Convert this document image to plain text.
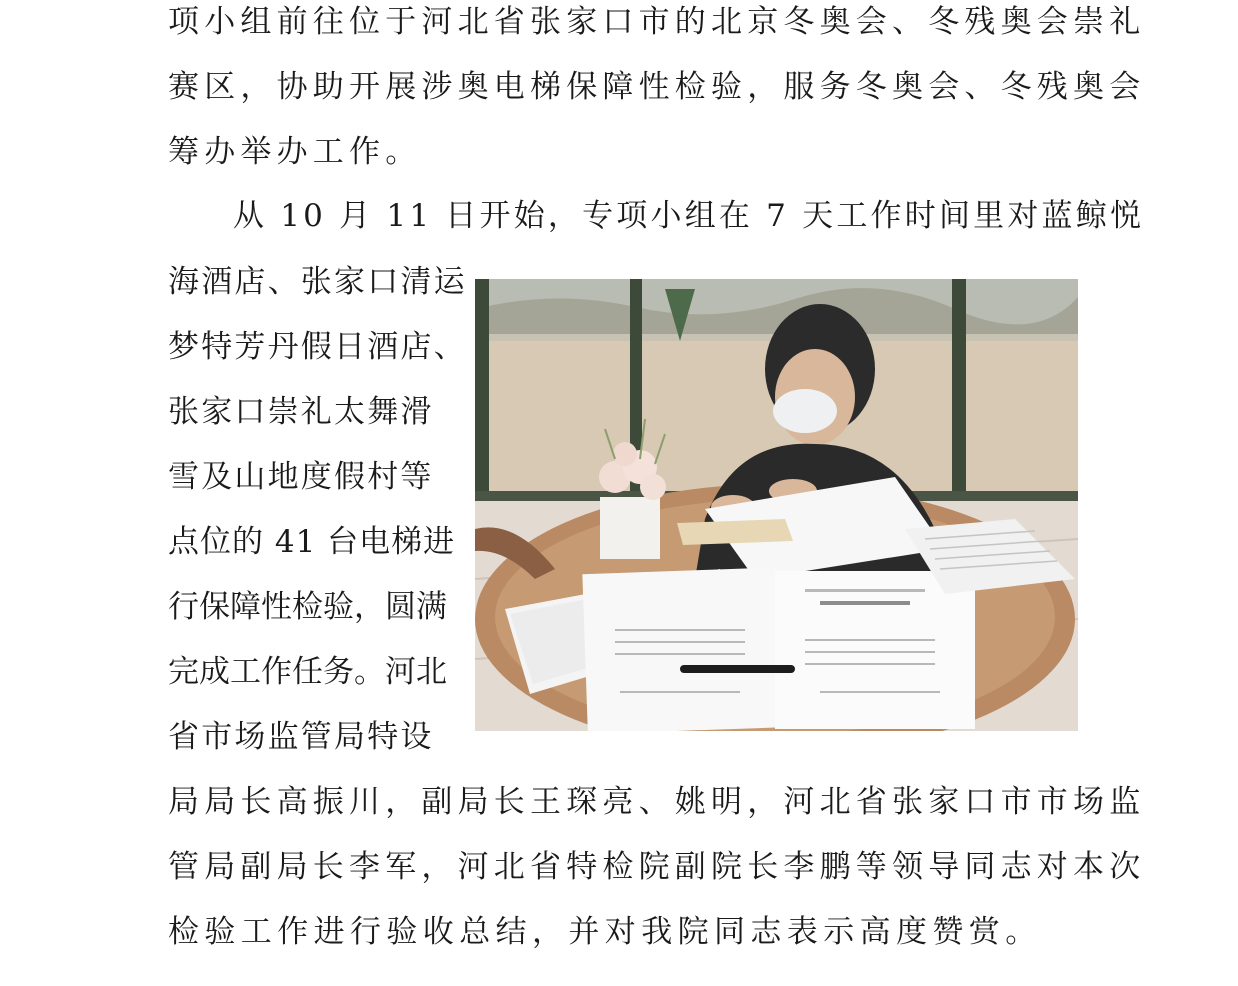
项小组前往位于河北省张家口市的北京冬奥会、冬残奥会崇礼
赛区，协助开展涉奥电梯保障性检验，服务冬奥会、冬残奥会
筹办举办工作。
从 10 月 11 日开始，专项小组在 7 天工作时间里对蓝鲸悦
海酒店、张家口清运
梦特芳丹假日酒店、
张家口崇礼太舞滑
雪及山地度假村等
点位的 41 台电梯进
行保障性检验，圆满
完成工作任务。河北
省市场监管局特设
局局长高振川，副局长王琛亮、姚明，河北省张家口市市场监
管局副局长李军，河北省特检院副院长李鹏等领导同志对本次
检验工作进行验收总结，并对我院同志表示高度赞赏。
